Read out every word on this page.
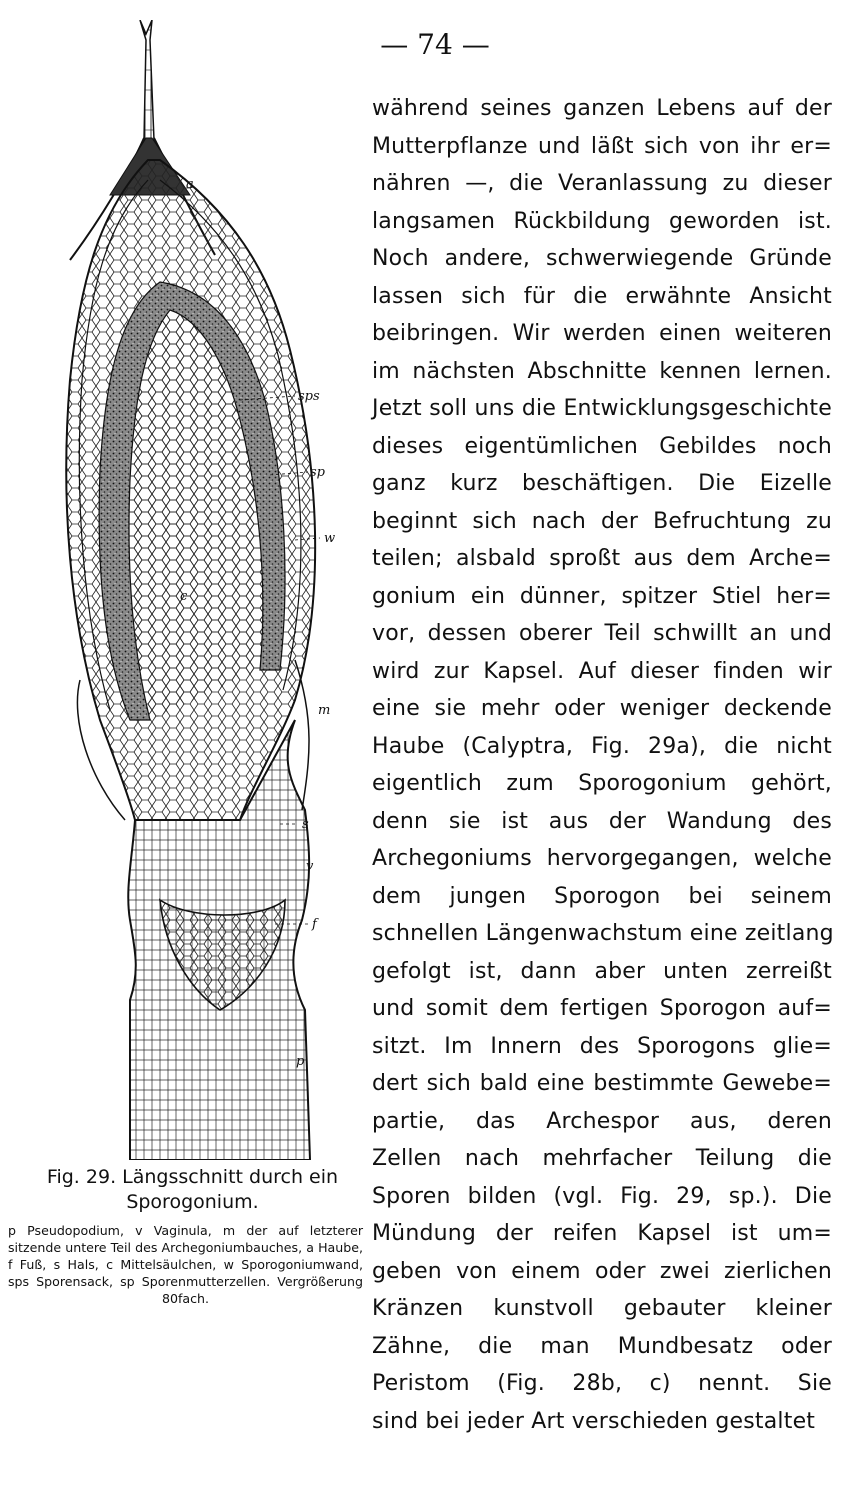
— 74 —
a
sps
sp
w
c
m
s
v
f
p
Fig. 29. Längsschnitt durch ein
Sporogonium.
p Pseudopodium, v Vaginula, m der auf letzterer sitzende untere Teil des Archegoniumbauches, a Haube, f Fuß, s Hals, c Mittelsäulchen, w Sporogoniumwand, sps Sporensack, sp Sporenmutterzellen. Vergrößerung 80fach.
während seines ganzen Lebens auf der
Mutterpflanze und läßt sich von ihr er=
nähren —, die Veranlassung zu dieser
langsamen Rückbildung geworden ist.
Noch andere, schwerwiegende Gründe
lassen sich für die erwähnte Ansicht
beibringen. Wir werden einen weiteren
im nächsten Abschnitte kennen lernen.
Jetzt soll uns die Entwicklungsgeschichte
dieses eigentümlichen Gebildes noch
ganz kurz beschäftigen. Die Eizelle
beginnt sich nach der Befruchtung zu
teilen; alsbald sproßt aus dem Arche=
gonium ein dünner, spitzer Stiel her=
vor, dessen oberer Teil schwillt an und
wird zur Kapsel. Auf dieser finden wir
eine sie mehr oder weniger deckende
Haube (Calyptra, Fig. 29a), die nicht
eigentlich zum Sporogonium gehört,
denn sie ist aus der Wandung des
Archegoniums hervorgegangen, welche
dem jungen Sporogon bei seinem
schnellen Längenwachstum eine zeitlang
gefolgt ist, dann aber unten zerreißt
und somit dem fertigen Sporogon auf=
sitzt. Im Innern des Sporogons glie=
dert sich bald eine bestimmte Gewebe=
partie, das Archespor aus, deren
Zellen nach mehrfacher Teilung die
Sporen bilden (vgl. Fig. 29, sp.). Die
Mündung der reifen Kapsel ist um=
geben von einem oder zwei zierlichen
Kränzen kunstvoll gebauter kleiner
Zähne, die man Mundbesatz oder
Peristom (Fig. 28b, c) nennt. Sie
sind bei jeder Art verschieden gestaltet
